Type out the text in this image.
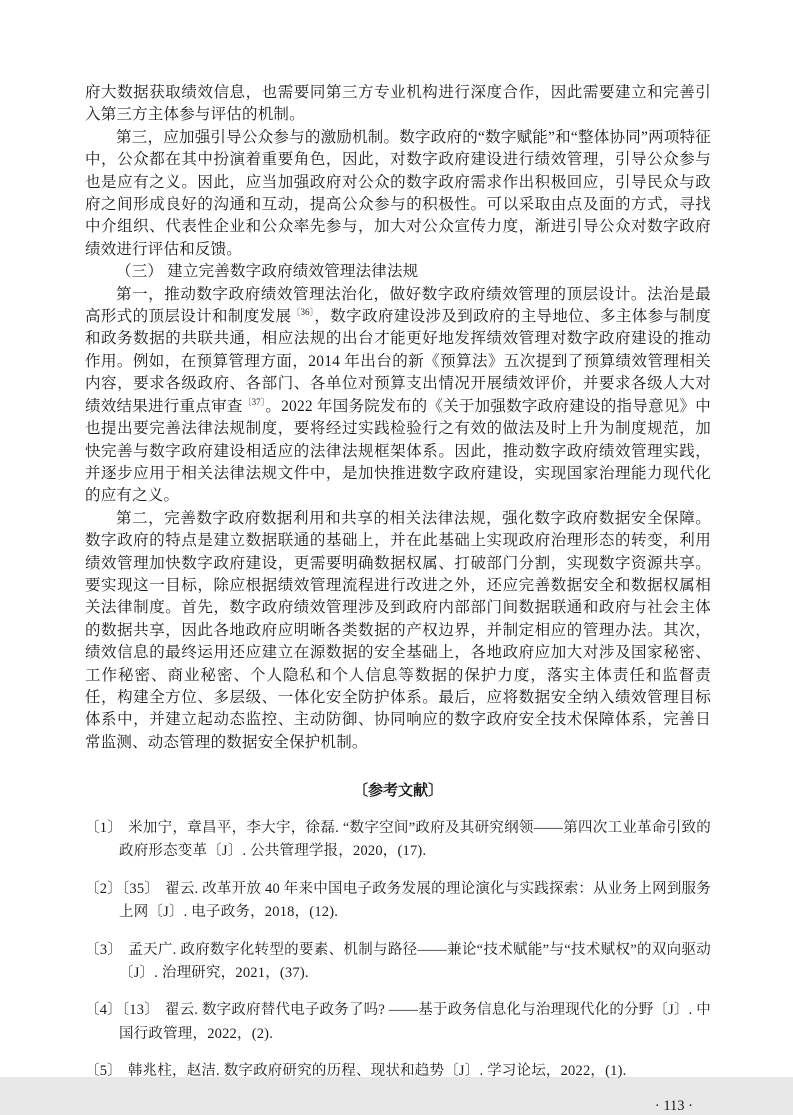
府大数据获取绩效信息，也需要同第三方专业机构进行深度合作，因此需要建立和完善引入第三方主体参与评估的机制。

第三，应加强引导公众参与的激励机制。数字政府的“数字赋能”和“整体协同”两项特征中，公众都在其中扮演着重要角色，因此，对数字政府建设进行绩效管理，引导公众参与也是应有之义。因此，应当加强政府对公众的数字政府需求作出积极回应，引导民众与政府之间形成良好的沟通和互动，提高公众参与的积极性。可以采取由点及面的方式，寻找中介组织、代表性企业和公众率先参与，加大对公众宣传力度，渐进引导公众对数字政府绩效进行评估和反馈。

（三） 建立完善数字政府绩效管理法律法规

第一，推动数字政府绩效管理法治化，做好数字政府绩效管理的顶层设计。法治是最高形式的顶层设计和制度发展$^{〔36〕}$，数字政府建设涉及到政府的主导地位、多主体参与制度和政务数据的共联共通，相应法规的出台才能更好地发挥绩效管理对数字政府建设的推动作用。例如，在预算管理方面，2014 年出台的新《预算法》五次提到了预算绩效管理相关内容，要求各级政府、各部门、各单位对预算支出情况开展绩效评价，并要求各级人大对绩效结果进行重点审查$^{〔37〕}$。2022 年国务院发布的《关于加强数字政府建设的指导意见》中也提出要完善法律法规制度，要将经过实践检验行之有效的做法及时上升为制度规范，加快完善与数字政府建设相适应的法律法规框架体系。因此，推动数字政府绩效管理实践，并逐步应用于相关法律法规文件中，是加快推进数字政府建设，实现国家治理能力现代化的应有之义。

第二，完善数字政府数据利用和共享的相关法律法规，强化数字政府数据安全保障。数字政府的特点是建立数据联通的基础上，并在此基础上实现政府治理形态的转变，利用绩效管理加快数字政府建设，更需要明确数据权属、打破部门分割，实现数字资源共享。要实现这一目标，除应根据绩效管理流程进行改进之外，还应完善数据安全和数据权属相关法律制度。首先，数字政府绩效管理涉及到政府内部部门间数据联通和政府与社会主体的数据共享，因此各地政府应明晰各类数据的产权边界，并制定相应的管理办法。其次，绩效信息的最终运用还应建立在源数据的安全基础上，各地政府应加大对涉及国家秘密、工作秘密、商业秘密、个人隐私和个人信息等数据的保护力度，落实主体责任和监督责任，构建全方位、多层级、一体化安全防护体系。最后，应将数据安全纳入绩效管理目标体系中，并建立起动态监控、主动防御、协同响应的数字政府安全技术保障体系，完善日常监测、动态管理的数据安全保护机制。

〔参考文献〕

〔1〕 米加宁，章昌平，李大宇，徐磊. “数字空间”政府及其研究纲领——第四次工业革命引致的政府形态变革〔J〕. 公共管理学报，2020，(17).

〔2〕〔35〕 翟云. 改革开放 40 年来中国电子政务发展的理论演化与实践探索：从业务上网到服务上网〔J〕. 电子政务，2018，(12).

〔3〕 孟天广. 政府数字化转型的要素、机制与路径——兼论“技术赋能”与“技术赋权”的双向驱动〔J〕. 治理研究，2021，(37).

〔4〕〔13〕 翟云. 数字政府替代电子政务了吗? ——基于政务信息化与治理现代化的分野〔J〕. 中国行政管理，2022，(2).

〔5〕 韩兆柱，赵洁. 数字政府研究的历程、现状和趋势〔J〕. 学习论坛，2022，(1).

· 113 ·
